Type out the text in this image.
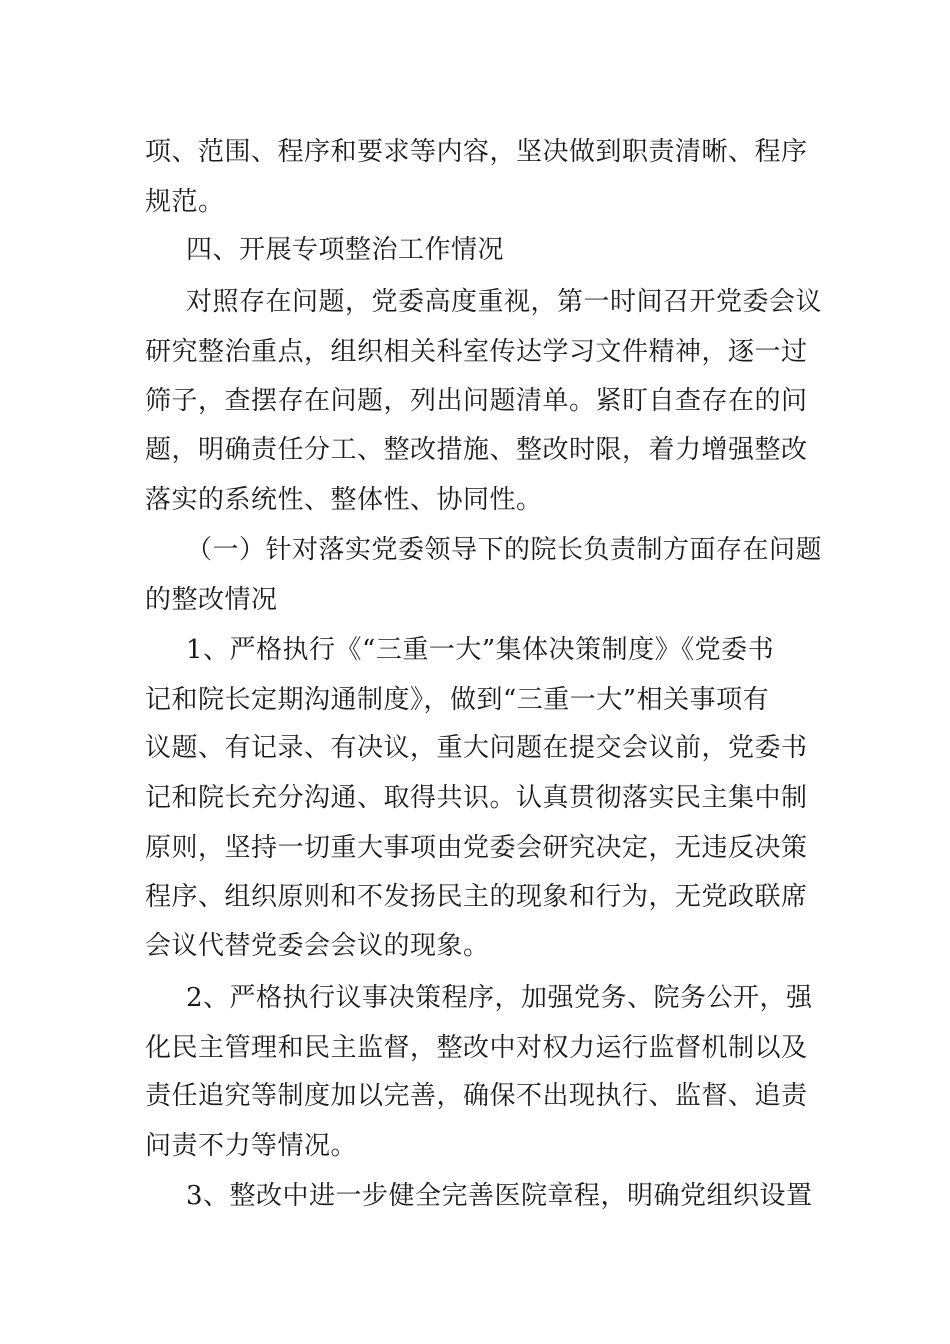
项、范围、程序和要求等内容，坚决做到职责清晰、程序
规范。
四、开展专项整治工作情况
对照存在问题，党委高度重视，第一时间召开党委会议
研究整治重点，组织相关科室传达学习文件精神，逐一过
筛子，查摆存在问题，列出问题清单。紧盯自查存在的问
题，明确责任分工、整改措施、整改时限，着力增强整改
落实的系统性、整体性、协同性。
（一）针对落实党委领导下的院长负责制方面存在问题
的整改情况
1、严格执行《“三重一大”集体决策制度》《党委书
记和院长定期沟通制度》，做到“三重一大”相关事项有
议题、有记录、有决议，重大问题在提交会议前，党委书
记和院长充分沟通、取得共识。认真贯彻落实民主集中制
原则，坚持一切重大事项由党委会研究决定，无违反决策
程序、组织原则和不发扬民主的现象和行为，无党政联席
会议代替党委会会议的现象。
2、严格执行议事决策程序，加强党务、院务公开，强
化民主管理和民主监督，整改中对权力运行监督机制以及
责任追究等制度加以完善，确保不出现执行、监督、追责
问责不力等情况。
3、整改中进一步健全完善医院章程，明确党组织设置
